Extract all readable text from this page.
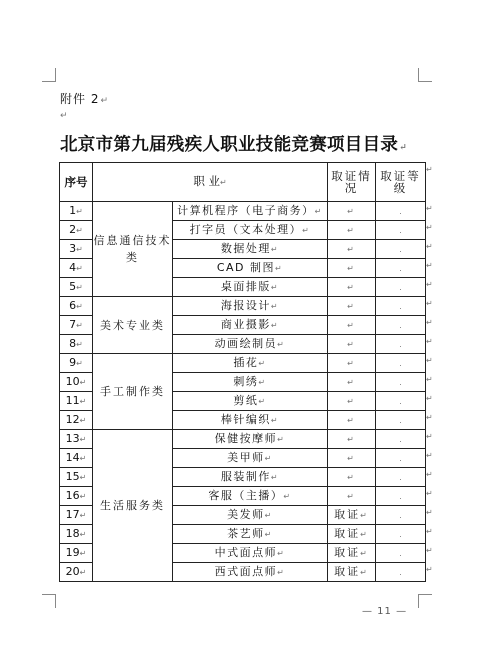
附件 2↵
↵
北京市第九届残疾人职业技能竞赛项目目录↵
序号	职 业↵		取证情况	取证等级
1↵	信息通信技术类	计算机程序（电子商务）↵	↵	.
2↵		打字员（文本处理）↵	↵	.
3↵		数据处理↵	↵	.
4↵		CAD 制图↵	↵	.
5↵		桌面排版↵	↵	.
6↵	美术专业类	海报设计↵	↵	.
7↵		商业摄影↵	↵	.
8↵		动画绘制员↵	↵	.
9↵	手工制作类	插花↵	↵	.
10↵		刺绣↵	↵	.
11↵		剪纸↵	↵	.
12↵		棒针编织↵	↵	.
13↵	生活服务类	保健按摩师↵	↵	.
14↵		美甲师↵	↵	.
15↵		服装制作↵	↵	.
16↵		客服（主播）↵	↵	.
17↵		美发师↵	取证↵	.
18↵		茶艺师↵	取证↵	.
19↵		中式面点师↵	取证↵	.
20↵		西式面点师↵	取证↵	.
↵
↵
↵
↵
↵
↵
↵
↵
↵
↵
↵
↵
↵
↵
↵
↵
↵
↵
↵
↵
↵
— 11 —
